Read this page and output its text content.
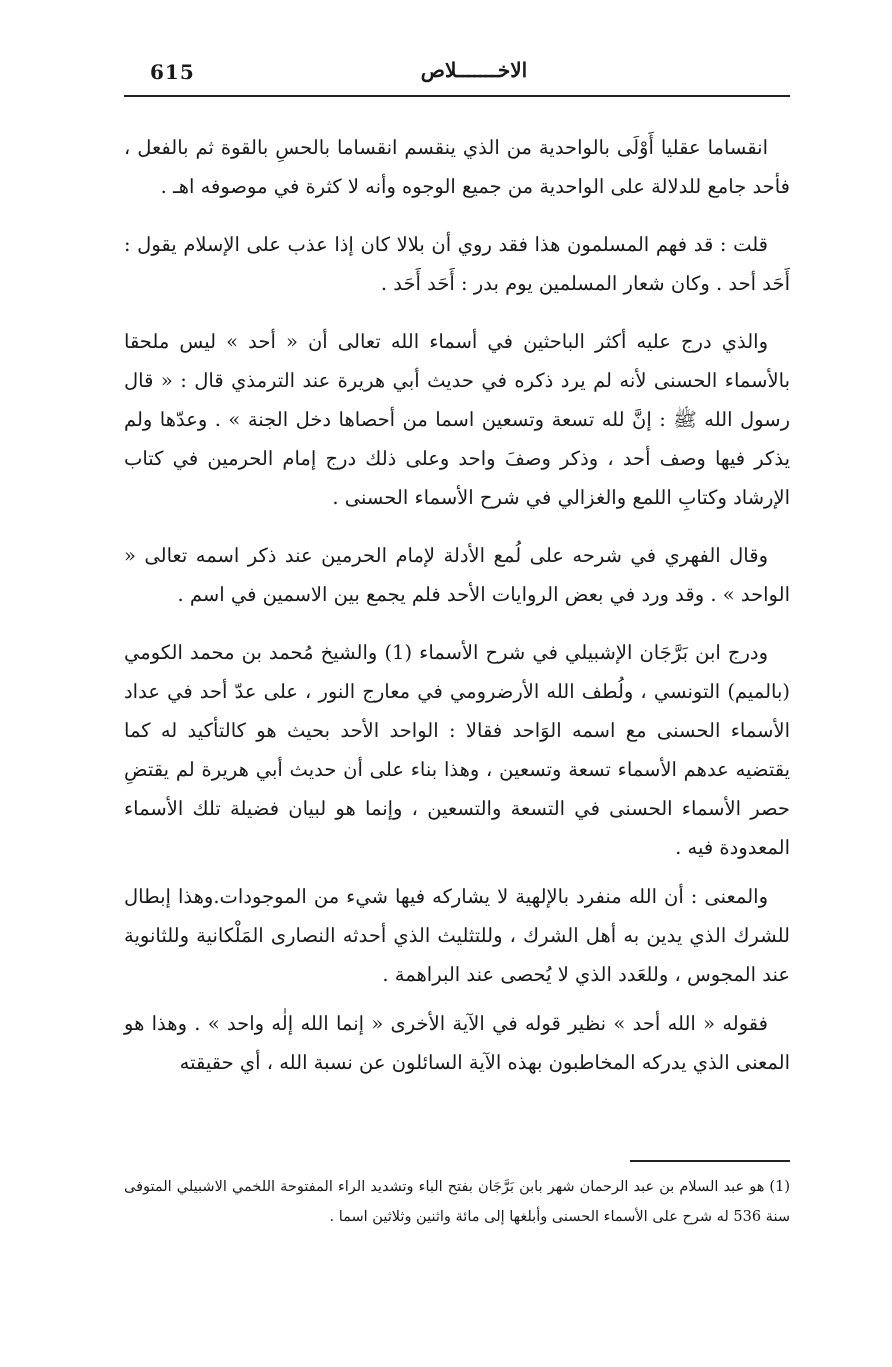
615	الاخـــــــلاص

انقساما عقليا أَوْلَى بالواحدية من الذي ينقسم انقساما بالحسِ بالقوة ثم بالفعل ، فأحد جامع للدلالة على الواحدية من جميع الوجوه وأنه لا كثرة في موصوفه اهـ .

قلت : قد فهم المسلمون هذا فقد روي أن بلالا كان إذا عذب على الإسلام يقول : أَحَد أحد . وكان شعار المسلمين يوم بدر : أَحَد أَحَد .

والذي درج عليه أكثر الباحثين في أسماء الله تعالى أن « أحد » ليس ملحقا بالأسماء الحسنى لأنه لم يرد ذكره في حديث أبي هريرة عند الترمذي قال : « قال رسول الله ﷺ : إنَّ لله تسعة وتسعين اسما من أحصاها دخل الجنة » . وعدّها ولم يذكر فيها وصف أحد ، وذكر وصفَ واحد وعلى ذلك درج إمام الحرمين في كتاب الإرشاد وكتابِ اللمع والغزالي في شرح الأسماء الحسنى .

وقال الفهري في شرحه على لُمع الأدلة لإمام الحرمين عند ذكر اسمه تعالى « الواحد » . وقد ورد في بعض الروايات الأحد فلم يجمع بين الاسمين في اسم .

ودرج ابن بَرَّجَان الإشبيلي في شرح الأسماء (1) والشيخ مُحمد بن محمد الكومي (بالميم) التونسي ، ولُطف الله الأرضرومي في معارج النور ، على عدّ أحد في عداد الأسماء الحسنى مع اسمه الوَاحد فقالا : الواحد الأحد بحيث هو كالتأكيد له كما يقتضيه عدهم الأسماء تسعة وتسعين ، وهذا بناء على أن حديث أبي هريرة لم يقتضِ حصر الأسماء الحسنى في التسعة والتسعين ، وإنما هو لبيان فضيلة تلك الأسماء المعدودة فيه .

والمعنى : أن الله منفرد بالإلهية لا يشاركه فيها شيء من الموجودات.وهذا إبطال للشرك الذي يدين به أهل الشرك ، وللتثليث الذي أحدثه النصارى المَلْكانية وللثانوية عند المجوس ، وللعَدد الذي لا يُحصى عند البراهمة .

فقوله « الله أحد » نظير قوله في الآية الأخرى « إنما الله إلٰه واحد » . وهذا هو المعنى الذي يدركه المخاطبون بهذه الآية السائلون عن نسبة الله ، أي حقيقته

(1) هو عبد السلام بن عبد الرحمان شهر بابن بَرَّجَان بفتح الباء وتشديد الراء المفتوحة اللخمي الاشبيلي المتوفى سنة 536 له شرح على الأسماء الحسنى وأبلغها إلى مائة واثنين وثلاثين اسما .
